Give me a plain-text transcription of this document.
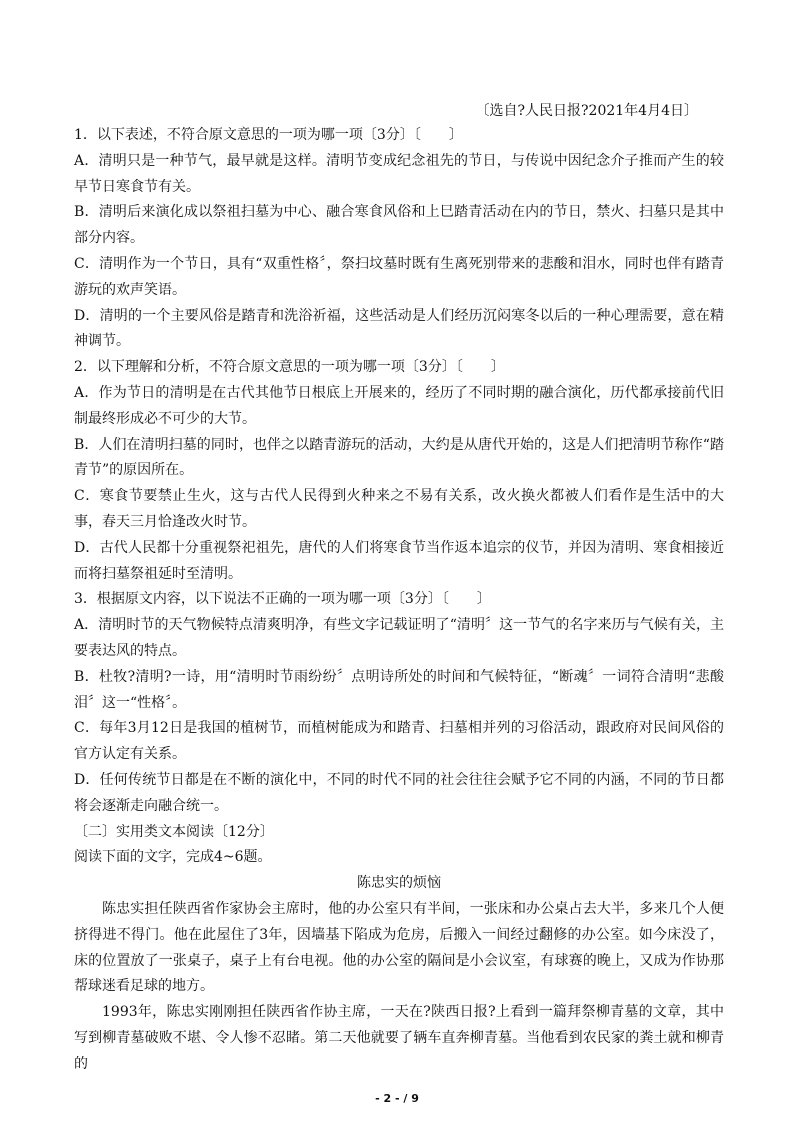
〔选自?人民日报?2021年4月4日〕

1．以下表述，不符合原文意思的一项为哪一项〔3分〕〔　　〕

A．清明只是一种节气，最早就是这样。清明节变成纪念祖先的节日，与传说中因纪念介子推而产生的较早节日寒食节有关。

B．清明后来演化成以祭祖扫墓为中心、融合寒食风俗和上巳踏青活动在内的节日，禁火、扫墓只是其中部分内容。

C．清明作为一个节日，具有“双重性格〞，祭扫坟墓时既有生离死别带来的悲酸和泪水，同时也伴有踏青游玩的欢声笑语。

D．清明的一个主要风俗是踏青和洗浴祈福，这些活动是人们经历沉闷寒冬以后的一种心理需要，意在精神调节。

2．以下理解和分析，不符合原文意思的一项为哪一项〔3分〕〔　　〕

A．作为节日的清明是在古代其他节日根底上开展来的，经历了不同时期的融合演化，历代都承接前代旧制最终形成必不可少的大节。

B．人们在清明扫墓的同时，也伴之以踏青游玩的活动，大约是从唐代开始的，这是人们把清明节称作“踏青节”的原因所在。

C．寒食节要禁止生火，这与古代人民得到火种来之不易有关系，改火换火都被人们看作是生活中的大事，春天三月恰逢改火时节。

D．古代人民都十分重视祭祀祖先，唐代的人们将寒食节当作返本追宗的仪节，并因为清明、寒食相接近而将扫墓祭祖延时至清明。

3．根据原文内容，以下说法不正确的一项为哪一项〔3分〕〔　　〕

A．清明时节的天气物候特点清爽明净，有些文字记载证明了“清明〞这一节气的名字来历与气候有关，主要表达风的特点。

B．杜牧?清明?一诗，用“清明时节雨纷纷〞点明诗所处的时间和气候特征，“断魂〞一词符合清明“悲酸泪〞这一“性格〞。

C．每年3月12日是我国的植树节，而植树能成为和踏青、扫墓相并列的习俗活动，跟政府对民间风俗的官方认定有关系。

D．任何传统节日都是在不断的演化中，不同的时代不同的社会往往会赋予它不同的内涵，不同的节日都将会逐渐走向融合统一。

〔二〕实用类文本阅读〔12分〕

阅读下面的文字，完成4~6题。

陈忠实的烦恼

陈忠实担任陕西省作家协会主席时，他的办公室只有半间，一张床和办公桌占去大半，多来几个人便挤得进不得门。他在此屋住了3年，因墙基下陷成为危房，后搬入一间经过翻修的办公室。如今床没了，床的位置放了一张桌子，桌子上有台电视。他的办公室的隔间是小会议室，有球赛的晚上，又成为作协那帮球迷看足球的地方。

1993年，陈忠实刚刚担任陕西省作协主席，一天在?陕西日报?上看到一篇拜祭柳青墓的文章，其中写到柳青墓破败不堪、令人惨不忍睹。第二天他就要了辆车直奔柳青墓。当他看到农民家的粪土就和柳青的

- 2 - / 9
